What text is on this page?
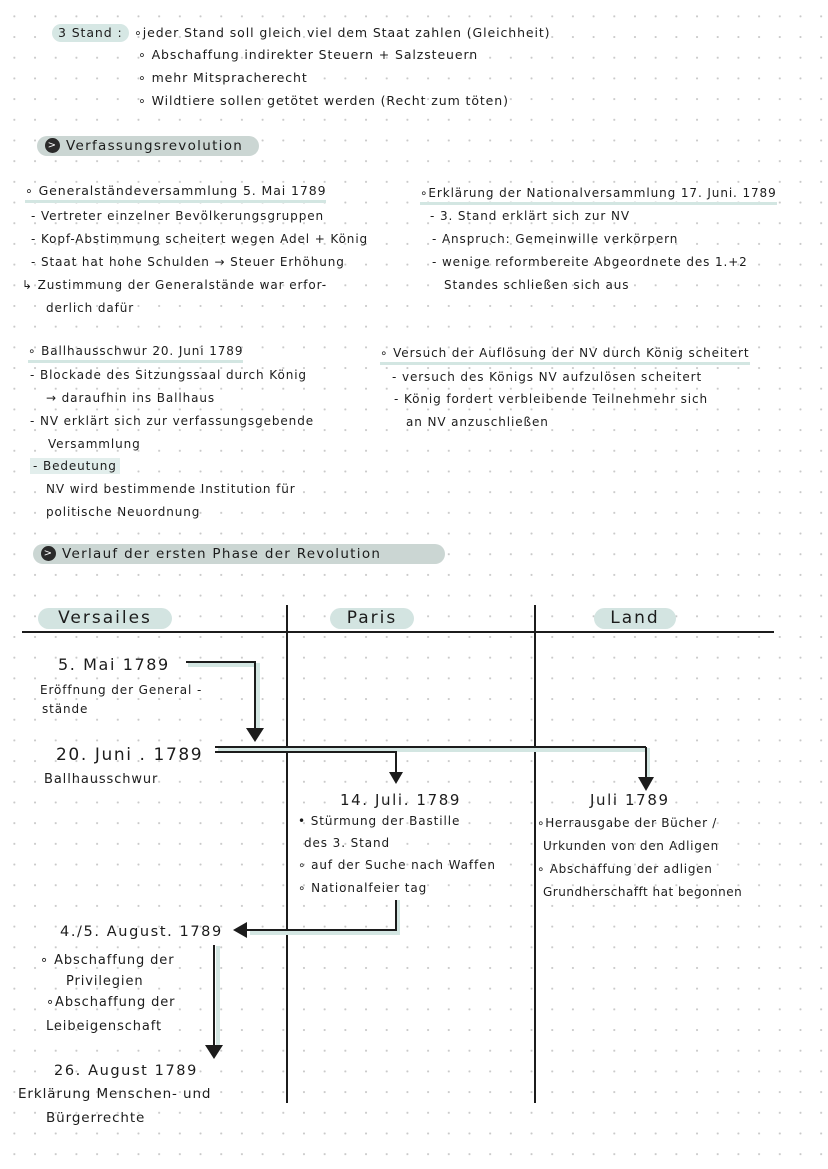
3 Stand : ∘jeder Stand soll gleich viel dem Staat zahlen (Gleichheit)
∘ Abschaffung indirekter Steuern + Salzsteuern
∘ mehr Mitspracherecht
∘ Wildtiere sollen getötet werden (Recht zum töten)
> Verfassungsrevolution
∘ Generalständeversammlung 5. Mai 1789
- Vertreter einzelner Bevölkerungsgruppen
- Kopf-Abstimmung scheitert wegen Adel + König
- Staat hat hohe Schulden → Steuer Erhöhung
↳ Zustimmung der Generalstände war erfor-
derlich dafür
∘Erklärung der Nationalversammlung 17. Juni. 1789
- 3. Stand erklärt sich zur NV
- Anspruch: Gemeinwille verkörpern
- wenige reformbereite Abgeordnete des 1.+2
Standes schließen sich aus
∘ Ballhausschwur 20. Juni 1789
- Blockade des Sitzungssaal durch König
→ daraufhin ins Ballhaus
- NV erklärt sich zur verfassungsgebende
Versammlung
- Bedeutung
NV wird bestimmende Institution für
politische Neuordnung
∘ Versuch der Auflösung der NV durch König scheitert
- versuch des Königs NV aufzulösen scheitert
- König fordert verbleibende Teilnehmehr sich
an NV anzuschließen
> Verlauf der ersten Phase der Revolution
Versailes	Paris	Land
5. Mai 1789
Eröffnung der General -
stände
20. Juni . 1789
Ballhausschwur
4./5. August. 1789
∘ Abschaffung der
Privilegien
∘Abschaffung der
Leibeigenschaft
26. August 1789
Erklärung Menschen- und
Bürgerrechte
14. Juli. 1789
• Stürmung der Bastille
des 3. Stand
∘ auf der Suche nach Waffen
∘ Nationalfeier tag
Juli 1789
∘Herrausgabe der Bücher /
Urkunden von den Adligen
∘ Abschaffung der adligen
Grundherschafft hat begonnen
